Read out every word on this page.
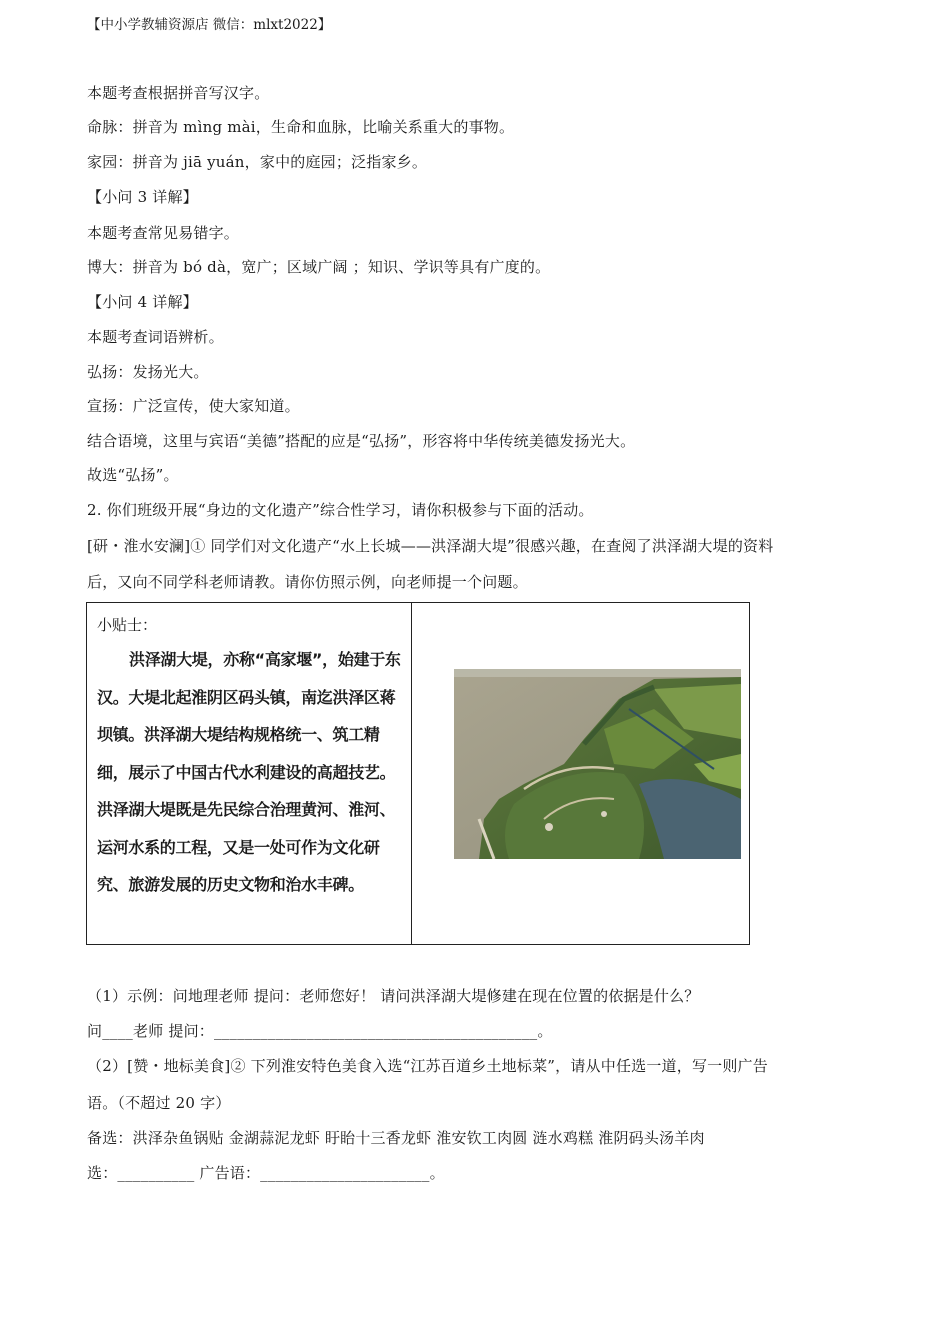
【中小学教辅资源店 微信：mlxt2022】
本题考查根据拼音写汉字。
命脉：拼音为 mìng mài，生命和血脉，比喻关系重大的事物。
家园：拼音为 jiā yuán，家中的庭园；泛指家乡。
【小问 3 详解】
本题考查常见易错字。
博大：拼音为 bó dà，宽广；区域广阔 ；知识、学识等具有广度的。
【小问 4 详解】
本题考查词语辨析。
弘扬：发扬光大。
宣扬：广泛宣传，使大家知道。
结合语境，这里与宾语“美德”搭配的应是“弘扬”，形容将中华传统美德发扬光大。
故选“弘扬”。
2. 你们班级开展“身边的文化遗产”综合性学习，请你积极参与下面的活动。
[研・淮水安澜]① 同学们对文化遗产“水上长城——洪泽湖大堤”很感兴趣，在查阅了洪泽湖大堤的资料
后，又向不同学科老师请教。请你仿照示例，向老师提一个问题。
小贴士：
洪泽湖大堤，亦称“高家堰”，始建于东汉。大堤北起淮阴区码头镇，南迄洪泽区蒋坝镇。洪泽湖大堤结构规格统一、筑工精细，展示了中国古代水利建设的高超技艺。洪泽湖大堤既是先民综合治理黄河、淮河、运河水系的工程，又是一处可作为文化研究、旅游发展的历史文物和治水丰碑。
（1）示例：问地理老师 提问：老师您好！ 请问洪泽湖大堤修建在现在位置的依据是什么？
问____老师 提问：__________________________________________。
（2）[赞・地标美食]② 下列淮安特色美食入选“江苏百道乡土地标菜”，请从中任选一道，写一则广告
语。（不超过 20 字）
备选：洪泽杂鱼锅贴 金湖蒜泥龙虾 盱眙十三香龙虾 淮安钦工肉圆 涟水鸡糕 淮阴码头汤羊肉
选：__________ 广告语：______________________。
